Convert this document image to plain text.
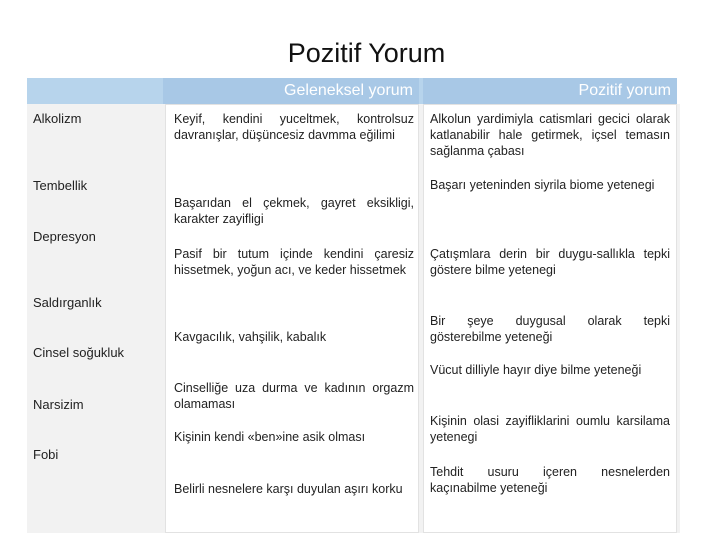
Pozitif Yorum
Geleneksel yorum	Pozitif yorum
Alkolizm
Tembellik
Depresyon
Saldırganlık
Cinsel soğukluk
Narsizim
Fobi
Keyif, kendini yuceltmek, kontrolsuz davranışlar, düşüncesiz davmma eğilimi
Başarıdan el çekmek, gayret eksikligi, karakter zayifligi
Pasif bir tutum içinde kendini çaresiz hissetmek, yoğun acı, ve keder hissetmek
Kavgacılık, vahşilik, kabalık
Cinselliğe uza durma ve kadının orgazm olamaması
Kişinin kendi «ben»ine asik olması
Belirli nesnelere karşı duyulan aşırı korku
Alkolun yardimiyla catismlari gecici olarak katlanabilir hale getirmek, içsel temasın sağlanma çabası
Başarı yeteninden siyrila biome yetenegi
Çatışmlara derin bir duygu-sallıkla tepki göstere bilme yetenegi
Bir şeye duygusal olarak tepki gösterebilme yeteneği
Vücut dilliyle hayır diye bilme yeteneği
Kişinin olasi zayifliklarini oumlu karsilama yetenegi
Tehdit usuru içeren nesnelerden kaçınabilme yeteneği
